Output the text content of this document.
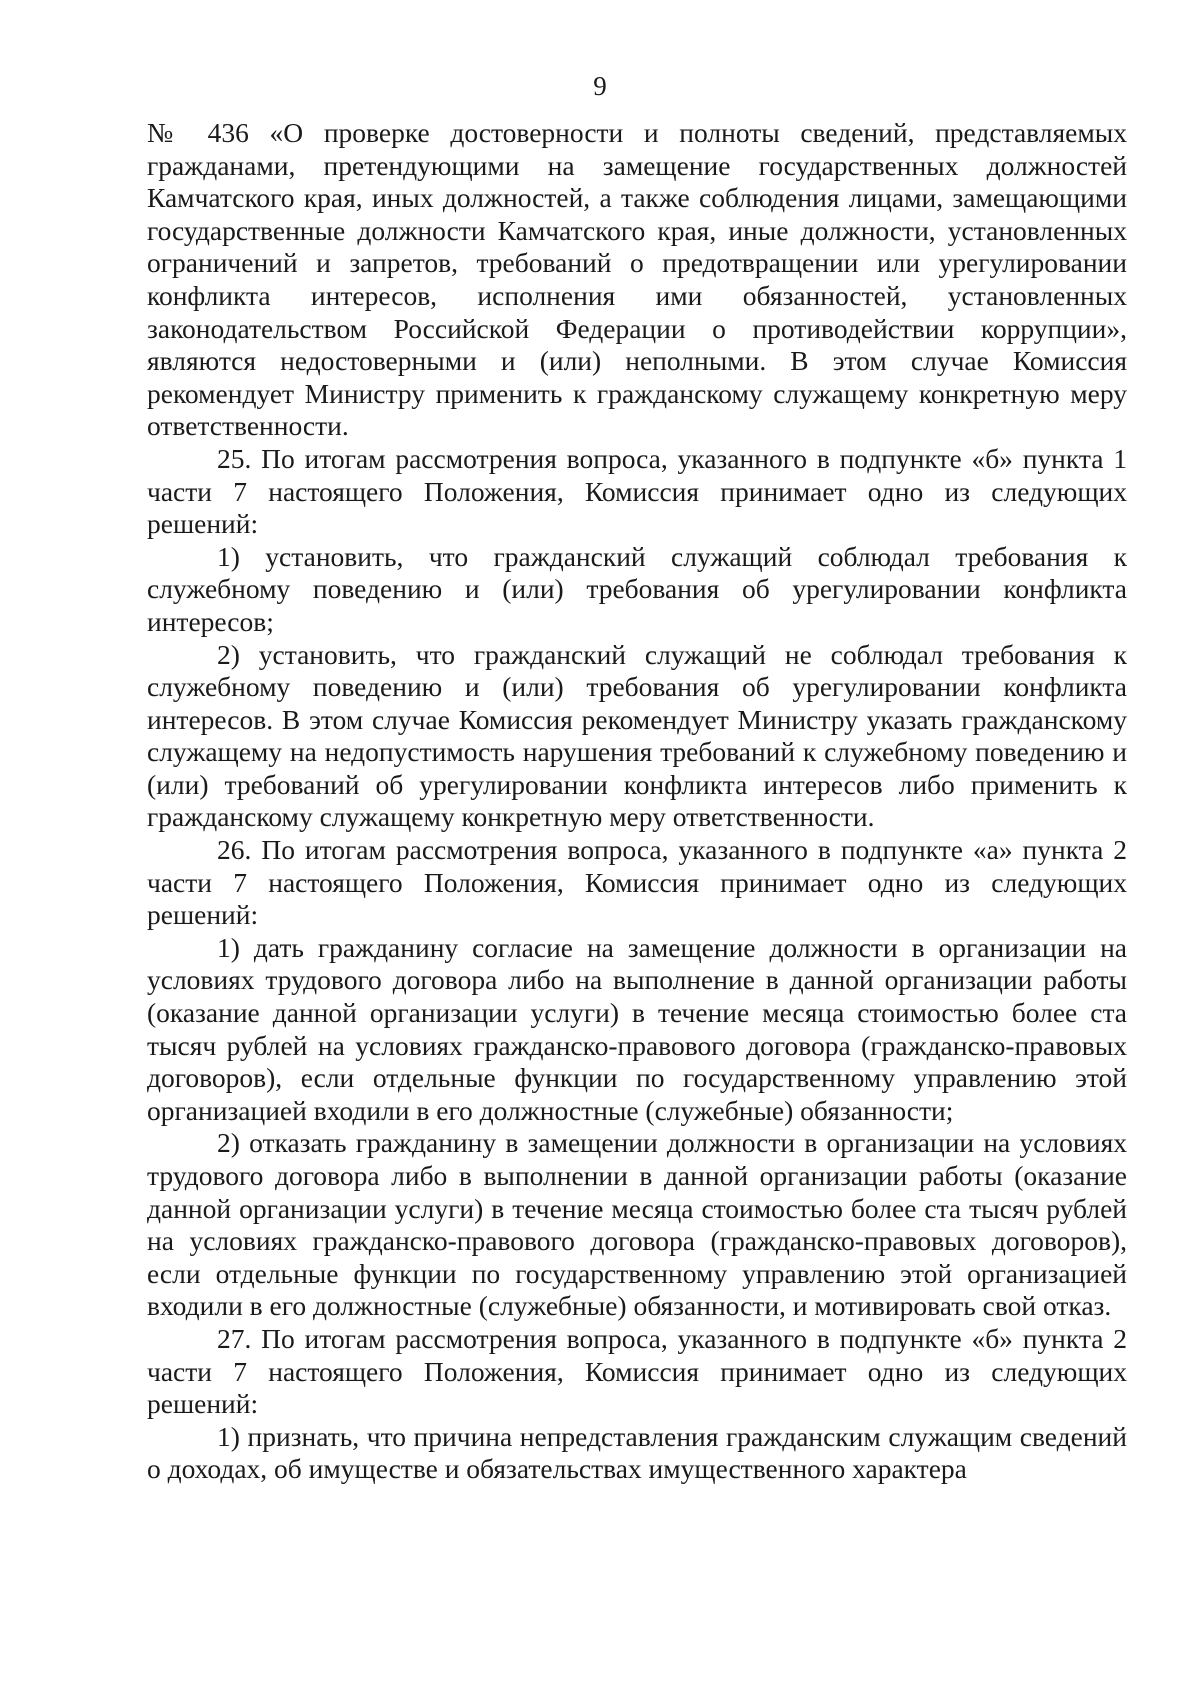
9

№ 436 «О проверке достоверности и полноты сведений, представляемых гражданами, претендующими на замещение государственных должностей Камчатского края, иных должностей, а также соблюдения лицами, замещающими государственные должности Камчатского края, иные должности, установленных ограничений и запретов, требований о предотвращении или урегулировании конфликта интересов, исполнения ими обязанностей, установленных законодательством Российской Федерации о противодействии коррупции», являются недостоверными и (или) неполными. В этом случае Комиссия рекомендует Министру применить к гражданскому служащему конкретную меру ответственности.

25. По итогам рассмотрения вопроса, указанного в подпункте «б» пункта 1 части 7 настоящего Положения, Комиссия принимает одно из следующих решений:

1) установить, что гражданский служащий соблюдал требования к служебному поведению и (или) требования об урегулировании конфликта интересов;

2) установить, что гражданский служащий не соблюдал требования к служебному поведению и (или) требования об урегулировании конфликта интересов. В этом случае Комиссия рекомендует Министру указать гражданскому служащему на недопустимость нарушения требований к служебному поведению и (или) требований об урегулировании конфликта интересов либо применить к гражданскому служащему конкретную меру ответственности.

26. По итогам рассмотрения вопроса, указанного в подпункте «а» пункта 2 части 7 настоящего Положения, Комиссия принимает одно из следующих решений:

1) дать гражданину согласие на замещение должности в организации на условиях трудового договора либо на выполнение в данной организации работы (оказание данной организации услуги) в течение месяца стоимостью более ста тысяч рублей на условиях гражданско-правового договора (гражданско-правовых договоров), если отдельные функции по государственному управлению этой организацией входили в его должностные (служебные) обязанности;

2) отказать гражданину в замещении должности в организации на условиях трудового договора либо в выполнении в данной организации работы (оказание данной организации услуги) в течение месяца стоимостью более ста тысяч рублей на условиях гражданско-правового договора (гражданско-правовых договоров), если отдельные функции по государственному управлению этой организацией входили в его должностные (служебные) обязанности, и мотивировать свой отказ.

27. По итогам рассмотрения вопроса, указанного в подпункте «б» пункта 2 части 7 настоящего Положения, Комиссия принимает одно из следующих решений:

1) признать, что причина непредставления гражданским служащим сведений о доходах, об имуществе и обязательствах имущественного характера
